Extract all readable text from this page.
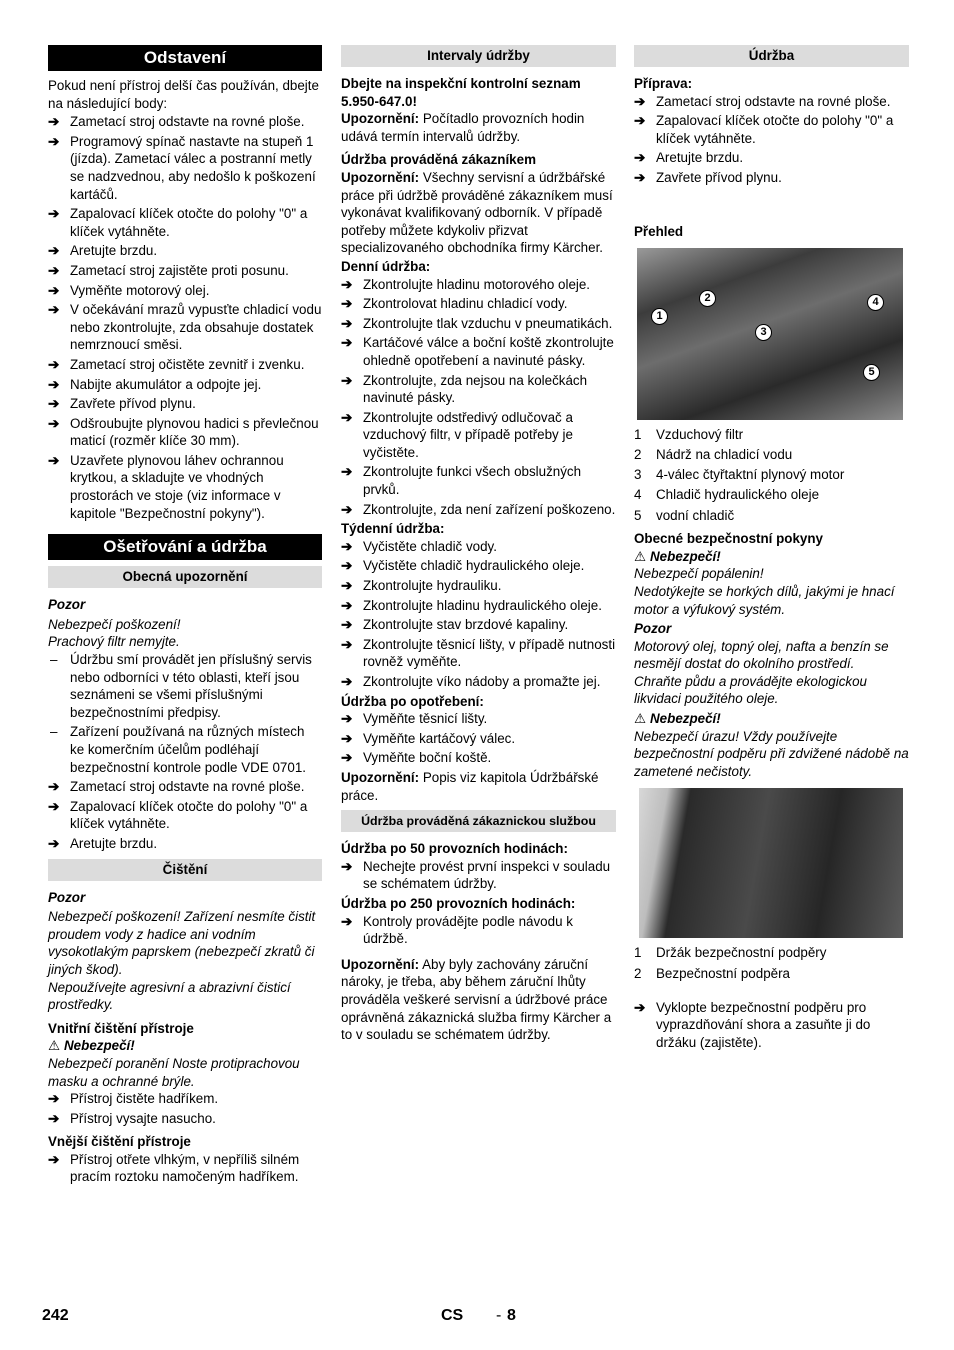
Odstavení
Pokud není přístroj delší čas používán, dbejte na následující body:
➔ Zametací stroj odstavte na rovné ploše.
➔ Programový spínač nastavte na stupeň 1 (jízda). Zametací válec a postranní metly se nadzvednou, aby nedošlo k poškození kartáčů.
➔ Zapalovací klíček otočte do polohy "0" a klíček vytáhněte.
➔ Aretujte brzdu.
➔ Zametací stroj zajistěte proti posunu.
➔ Vyměňte motorový olej.
➔ V očekávání mrazů vypusťte chladicí vodu nebo zkontrolujte, zda obsahuje dostatek nemrznoucí směsi.
➔ Zametací stroj očistěte zevnitř i zvenku.
➔ Nabijte akumulátor a odpojte jej.
➔ Zavřete přívod plynu.
➔ Odšroubujte plynovou hadici s převlečnou maticí (rozměr klíče 30 mm).
➔ Uzavřete plynovou láhev ochrannou krytkou, a skladujte ve vhodných prostorách ve stoje (viz informace v kapitole "Bezpečnostní pokyny").
Ošetřování a údržba
Obecná upozornění
Pozor
Nebezpečí poškození!
Prachový filtr nemyjte.
– Údržbu smí provádět jen příslušný servis nebo odborníci v této oblasti, kteří jsou seznámeni se všemi příslušnými bezpečnostními předpisy.
– Zařízení používaná na různých místech ke komerčním účelům podléhají bezpečnostní kontrole podle VDE 0701.
➔ Zametací stroj odstavte na rovné ploše.
➔ Zapalovací klíček otočte do polohy "0" a klíček vytáhněte.
➔ Aretujte brzdu.
Čištění
Pozor
Nebezpečí poškození! Zařízení nesmíte čistit proudem vody z hadice ani vodním vysokotlakým paprskem (nebezpečí zkratů či jiných škod).
Nepoužívejte agresivní a abrazivní čisticí prostředky.
Vnitřní čištění přístroje
⚠ Nebezpečí!
Nebezpečí poranění Noste protiprachovou masku a ochranné brýle.
➔ Přístroj čistěte hadříkem.
➔ Přístroj vysajte nasucho.
Vnější čištění přístroje
➔ Přístroj otřete vlhkým, v nepříliš silném pracím roztoku namočeným hadříkem.
Intervaly údržby
Dbejte na inspekční kontrolní seznam 5.950-647.0!
Upozornění: Počítadlo provozních hodin udává termín intervalů údržby.
Údržba prováděná zákazníkem
Upozornění: Všechny servisní a údržbářské práce při údržbě prováděné zákazníkem musí vykonávat kvalifikovaný odborník. V případě potřeby můžete kdykoliv přizvat specializovaného obchodníka firmy Kärcher.
Denní údržba:
➔ Zkontrolujte hladinu motorového oleje.
➔ Zkontrolovat hladinu chladicí vody.
➔ Zkontrolujte tlak vzduchu v pneumatikách.
➔ Kartáčové válce a boční koště zkontrolujte ohledně opotřebení a navinuté pásky.
➔ Zkontrolujte, zda nejsou na kolečkách navinuté pásky.
➔ Zkontrolujte odstředivý odlučovač a vzduchový filtr, v případě potřeby je vyčistěte.
➔ Zkontrolujte funkci všech obslužných prvků.
➔ Zkontrolujte, zda není zařízení poškozeno.
Týdenní údržba:
➔ Vyčistěte chladič vody.
➔ Vyčistěte chladič hydraulického oleje.
➔ Zkontrolujte hydrauliku.
➔ Zkontrolujte hladinu hydraulického oleje.
➔ Zkontrolujte stav brzdové kapaliny.
➔ Zkontrolujte těsnicí lišty, v případě nutnosti rovněž vyměňte.
➔ Zkontrolujte víko nádoby a promažte jej.
Údržba po opotřebení:
➔ Vyměňte těsnicí lišty.
➔ Vyměňte kartáčový válec.
➔ Vyměňte boční koště.
Upozornění: Popis viz kapitola Údržbářské práce.
Údržba prováděná zákaznickou službou
Údržba po 50 provozních hodinách:
➔ Nechejte provést první inspekci v souladu se schématem údržby.
Údržba po 250 provozních hodinách:
➔ Kontroly provádějte podle návodu k údržbě.
Upozornění: Aby byly zachovány záruční nároky, je třeba, aby během záruční lhůty prováděla veškeré servisní a údržbové práce oprávněná zákaznická služba firmy Kärcher a to v souladu se schématem údržby.
Údržba
Příprava:
➔ Zametací stroj odstavte na rovné ploše.
➔ Zapalovací klíček otočte do polohy "0" a klíček vytáhněte.
➔ Aretujte brzdu.
➔ Zavřete přívod plynu.
Přehled
1
2
3
4
5
1 Vzduchový filtr
2 Nádrž na chladicí vodu
3 4-válec čtyřtaktní plynový motor
4 Chladič hydraulického oleje
5 vodní chladič
Obecné bezpečnostní pokyny
⚠ Nebezpečí!
Nebezpečí popálenin!
Nedotýkejte se horkých dílů, jakými je hnací motor a výfukový systém.
Pozor
Motorový olej, topný olej, nafta a benzín se nesmějí dostat do okolního prostředí.
Chraňte půdu a provádějte ekologickou likvidaci použitého oleje.
⚠ Nebezpečí!
Nebezpečí úrazu! Vždy používejte bezpečnostní podpěru při zdvižené nádobě na zametené nečistoty.
1 Držák bezpečnostní podpěry
2 Bezpečnostní podpěra
➔ Vyklopte bezpečnostní podpěru pro vyprazdňování shora a zasuňte ji do držáku (zajistěte).
242	CS - 8
